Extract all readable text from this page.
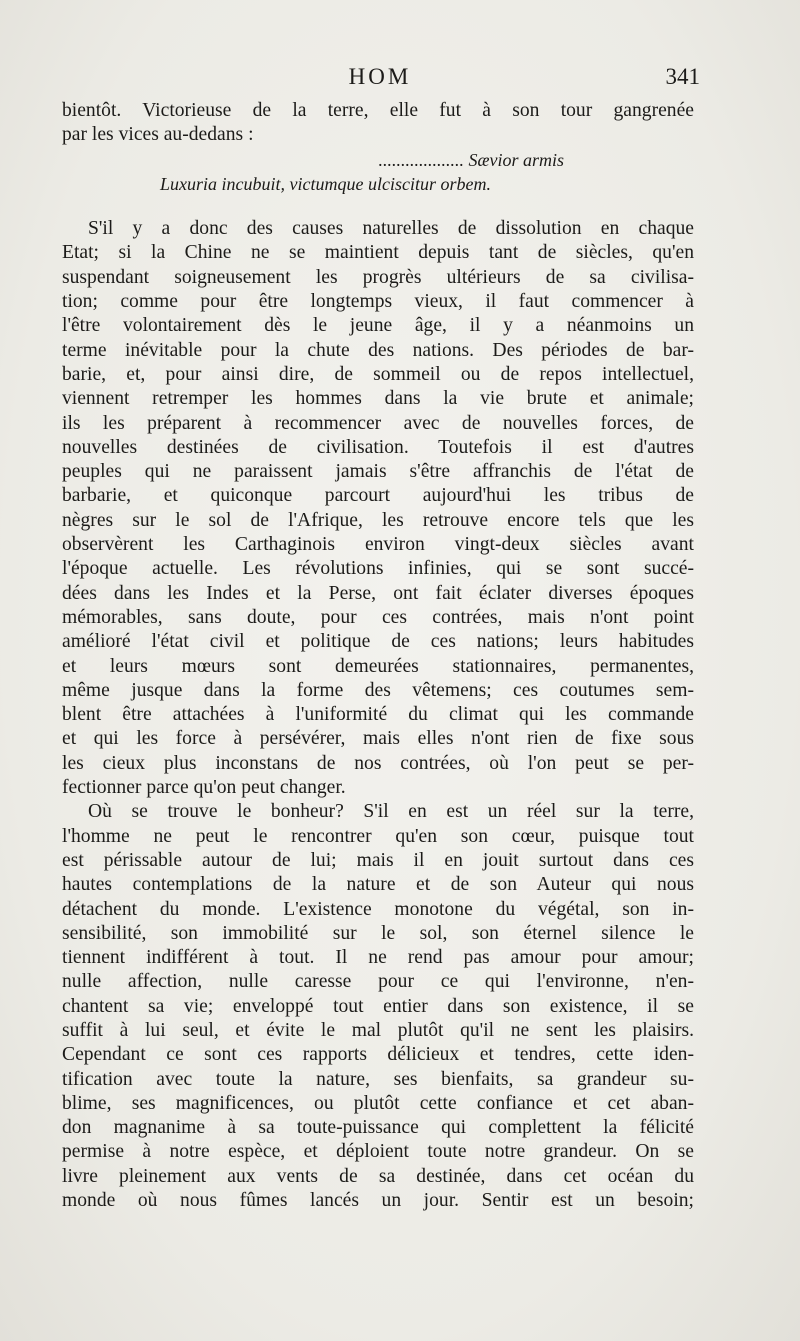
HOM	341
bientôt. Victorieuse de la terre, elle fut à son tour gangrenée
par les vices au-dedans :
................... Sævior armis
Luxuria incubuit, victumque ulciscitur orbem.
S'il y a donc des causes naturelles de dissolution en chaque
Etat; si la Chine ne se maintient depuis tant de siècles, qu'en
suspendant soigneusement les progrès ultérieurs de sa civilisa-
tion; comme pour être longtemps vieux, il faut commencer à
l'être volontairement dès le jeune âge, il y a néanmoins un
terme inévitable pour la chute des nations. Des périodes de bar-
barie, et, pour ainsi dire, de sommeil ou de repos intellectuel,
viennent retremper les hommes dans la vie brute et animale;
ils les préparent à recommencer avec de nouvelles forces, de
nouvelles destinées de civilisation. Toutefois il est d'autres
peuples qui ne paraissent jamais s'être affranchis de l'état de
barbarie, et quiconque parcourt aujourd'hui les tribus de
nègres sur le sol de l'Afrique, les retrouve encore tels que les
observèrent les Carthaginois environ vingt-deux siècles avant
l'époque actuelle. Les révolutions infinies, qui se sont succé-
dées dans les Indes et la Perse, ont fait éclater diverses époques
mémorables, sans doute, pour ces contrées, mais n'ont point
amélioré l'état civil et politique de ces nations; leurs habitudes
et leurs mœurs sont demeurées stationnaires, permanentes,
même jusque dans la forme des vêtemens; ces coutumes sem-
blent être attachées à l'uniformité du climat qui les commande
et qui les force à persévérer, mais elles n'ont rien de fixe sous
les cieux plus inconstans de nos contrées, où l'on peut se per-
fectionner parce qu'on peut changer.
Où se trouve le bonheur? S'il en est un réel sur la terre,
l'homme ne peut le rencontrer qu'en son cœur, puisque tout
est périssable autour de lui; mais il en jouit surtout dans ces
hautes contemplations de la nature et de son Auteur qui nous
détachent du monde. L'existence monotone du végétal, son in-
sensibilité, son immobilité sur le sol, son éternel silence le
tiennent indifférent à tout. Il ne rend pas amour pour amour;
nulle affection, nulle caresse pour ce qui l'environne, n'en-
chantent sa vie; enveloppé tout entier dans son existence, il se
suffit à lui seul, et évite le mal plutôt qu'il ne sent les plaisirs.
Cependant ce sont ces rapports délicieux et tendres, cette iden-
tification avec toute la nature, ses bienfaits, sa grandeur su-
blime, ses magnificences, ou plutôt cette confiance et cet aban-
don magnanime à sa toute-puissance qui complettent la félicité
permise à notre espèce, et déploient toute notre grandeur. On se
livre pleinement aux vents de sa destinée, dans cet océan du
monde où nous fûmes lancés un jour. Sentir est un besoin;
